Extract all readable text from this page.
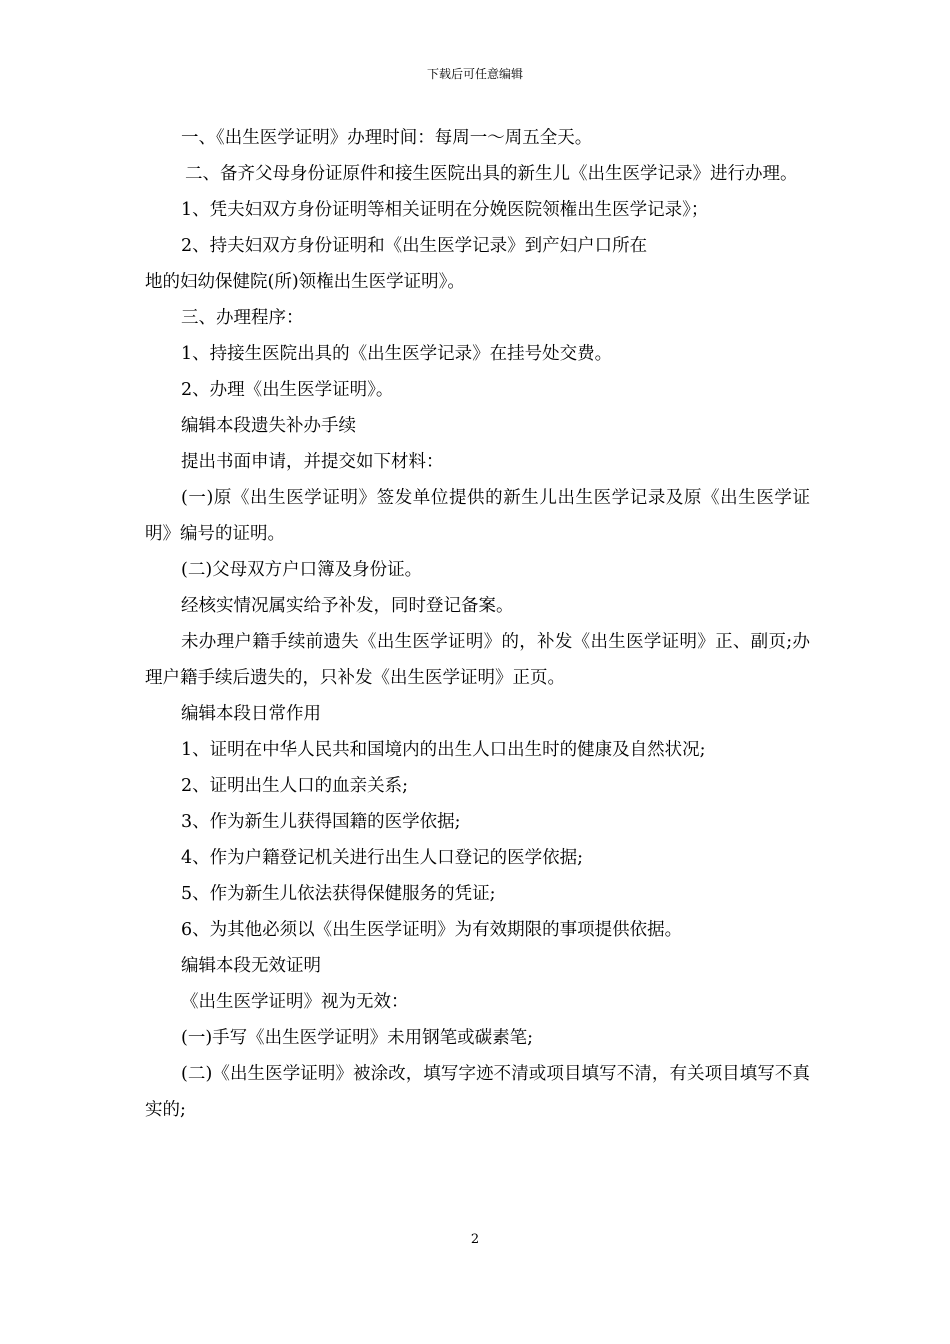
下载后可任意编辑

一、《出生医学证明》办理时间：每周一～周五全天。

二、备齐父母身份证原件和接生医院出具的新生儿《出生医学记录》进行办理。

1、凭夫妇双方身份证明等相关证明在分娩医院领権出生医学记录》；

2、持夫妇双方身份证明和《出生医学记录》到产妇户口所在

地的妇幼保健院(所)领権出生医学证明》。

三、办理程序：

1、持接生医院出具的《出生医学记录》在挂号处交费。

2、办理《出生医学证明》。

编辑本段遗失补办手续

提出书面申请，并提交如下材料：

(一)原《出生医学证明》签发单位提供的新生儿出生医学记录及原《出生医学证明》编号的证明。

(二)父母双方户口簿及身份证。

经核实情况属实给予补发，同时登记备案。

未办理户籍手续前遗失《出生医学证明》的，补发《出生医学证明》正、副页;办理户籍手续后遗失的，只补发《出生医学证明》正页。

编辑本段日常作用

1、证明在中华人民共和国境内的出生人口出生时的健康及自然状况;

2、证明出生人口的血亲关系;

3、作为新生儿获得国籍的医学依据;

4、作为户籍登记机关进行出生人口登记的医学依据;

5、作为新生儿依法获得保健服务的凭证;

6、为其他必须以《出生医学证明》为有效期限的事项提供依据。

编辑本段无效证明

《出生医学证明》视为无效：

(一)手写《出生医学证明》未用钢笔或碳素笔;

(二)《出生医学证明》被涂改，填写字迹不清或项目填写不清，有关项目填写不真实的;

2
